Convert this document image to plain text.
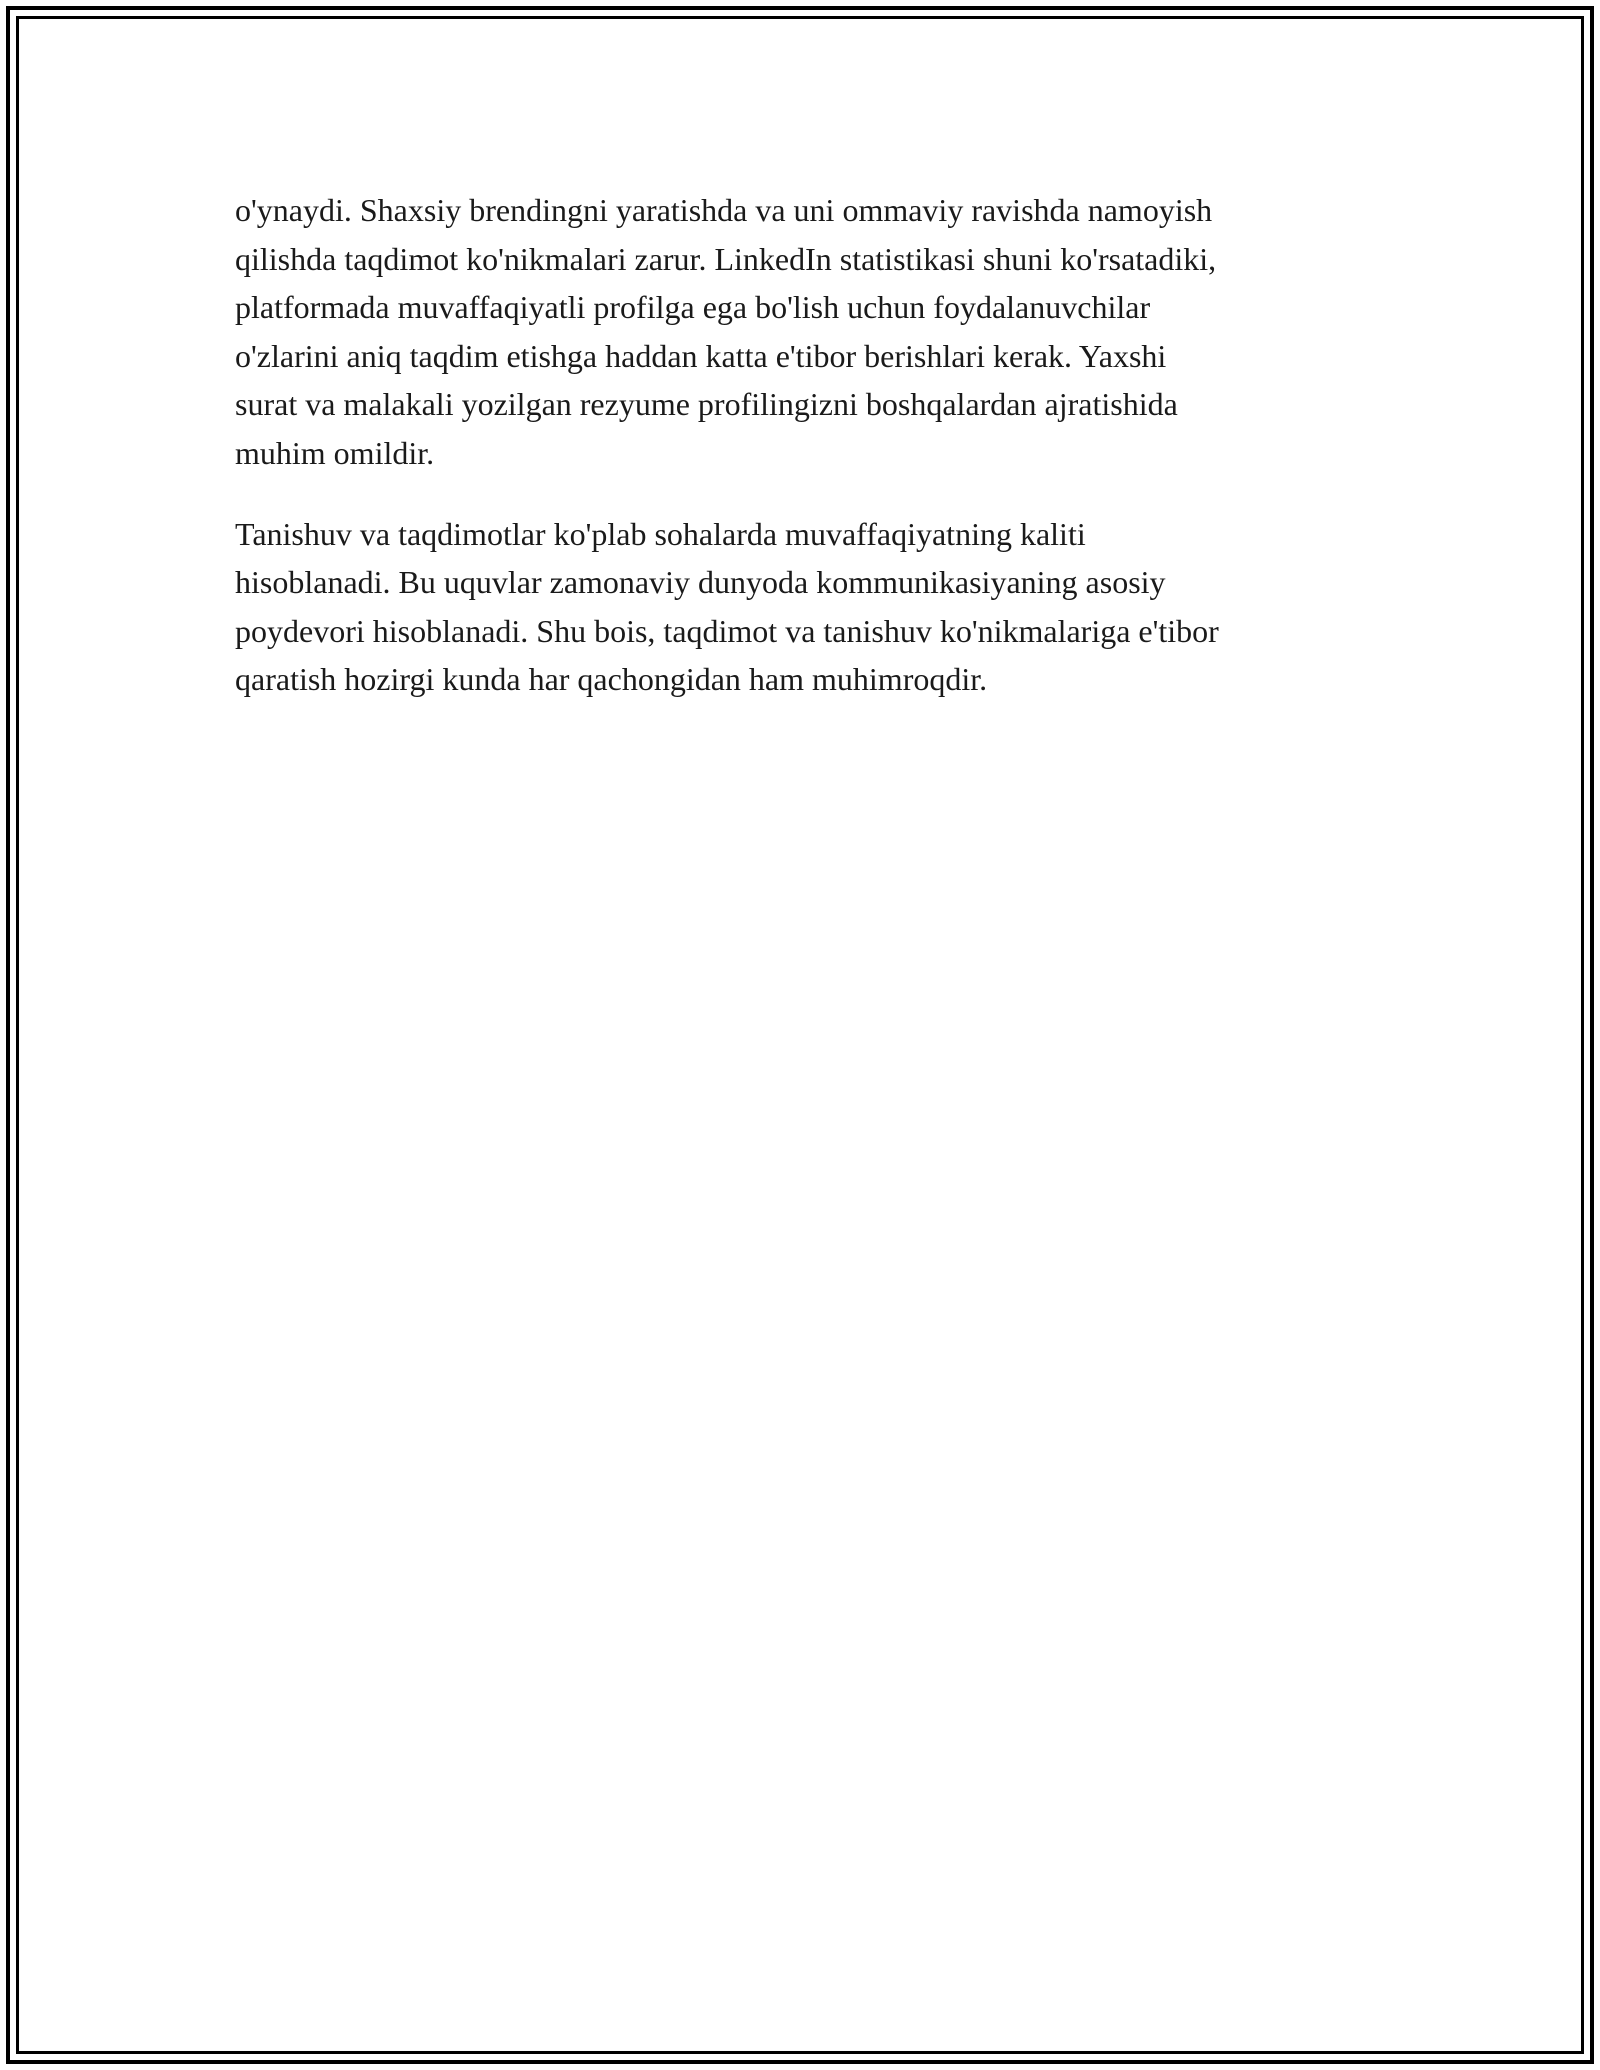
o'ynaydi. Shaxsiy brendingni yaratishda va uni ommaviy ravishda namoyish
qilishda taqdimot ko'nikmalari zarur. LinkedIn statistikasi shuni ko'rsatadiki,
platformada muvaffaqiyatli profilga ega bo'lish uchun foydalanuvchilar
o'zlarini aniq taqdim etishga haddan katta e'tibor berishlari kerak. Yaxshi
surat va malakali yozilgan rezyume profilingizni boshqalardan ajratishida
muhim omildir.

Tanishuv va taqdimotlar ko'plab sohalarda muvaffaqiyatning kaliti
hisoblanadi. Bu uquvlar zamonaviy dunyoda kommunikasiyaning asosiy
poydevori hisoblanadi. Shu bois, taqdimot va tanishuv ko'nikmalariga e'tibor
qaratish hozirgi kunda har qachongidan ham muhimroqdir.
